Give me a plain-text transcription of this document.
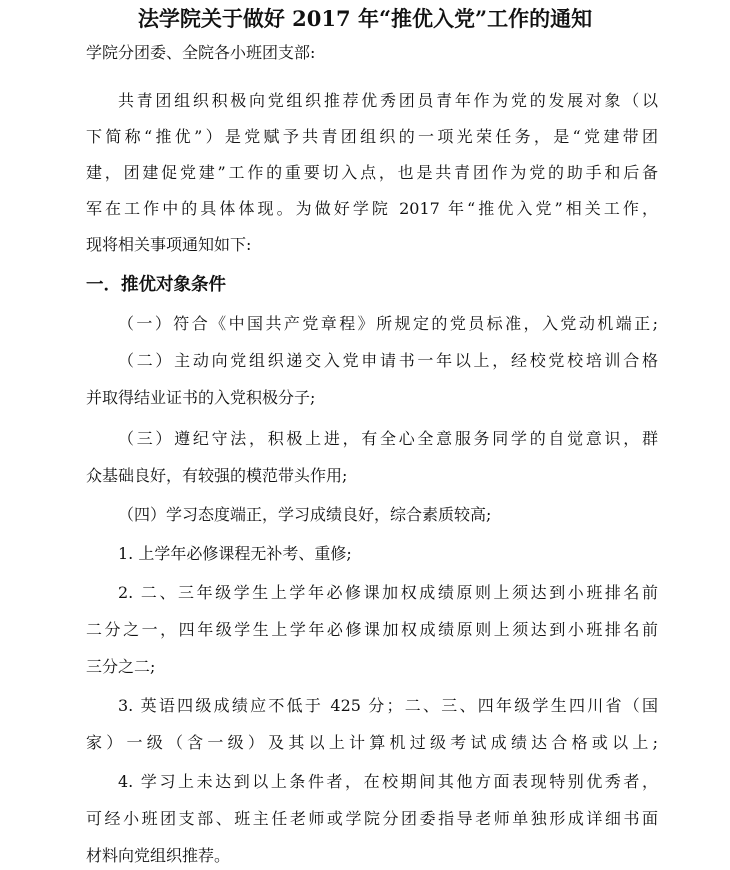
法学院关于做好 2017 年“推优入党”工作的通知
学院分团委、全院各小班团支部:
共青团组织积极向党组织推荐优秀团员青年作为党的发展对象（以
下简称“推优”）是党赋予共青团组织的一项光荣任务，是“党建带团
建，团建促党建”工作的重要切入点，也是共青团作为党的助手和后备
军在工作中的具体体现。为做好学院 2017 年“推优入党”相关工作，
现将相关事项通知如下:
一．推优对象条件
（一）符合《中国共产党章程》所规定的党员标准，入党动机端正;
（二）主动向党组织递交入党申请书一年以上，经校党校培训合格
并取得结业证书的入党积极分子;
（三）遵纪守法，积极上进，有全心全意服务同学的自觉意识，群
众基础良好，有较强的模范带头作用;
（四）学习态度端正，学习成绩良好，综合素质较高;
1. 上学年必修课程无补考、重修;
2. 二、三年级学生上学年必修课加权成绩原则上须达到小班排名前
二分之一，四年级学生上学年必修课加权成绩原则上须达到小班排名前
三分之二;
3. 英语四级成绩应不低于 425 分；二、三、四年级学生四川省（国
家）一级（含一级）及其以上计算机过级考试成绩达合格或以上;
4. 学习上未达到以上条件者，在校期间其他方面表现特别优秀者，
可经小班团支部、班主任老师或学院分团委指导老师单独形成详细书面
材料向党组织推荐。
